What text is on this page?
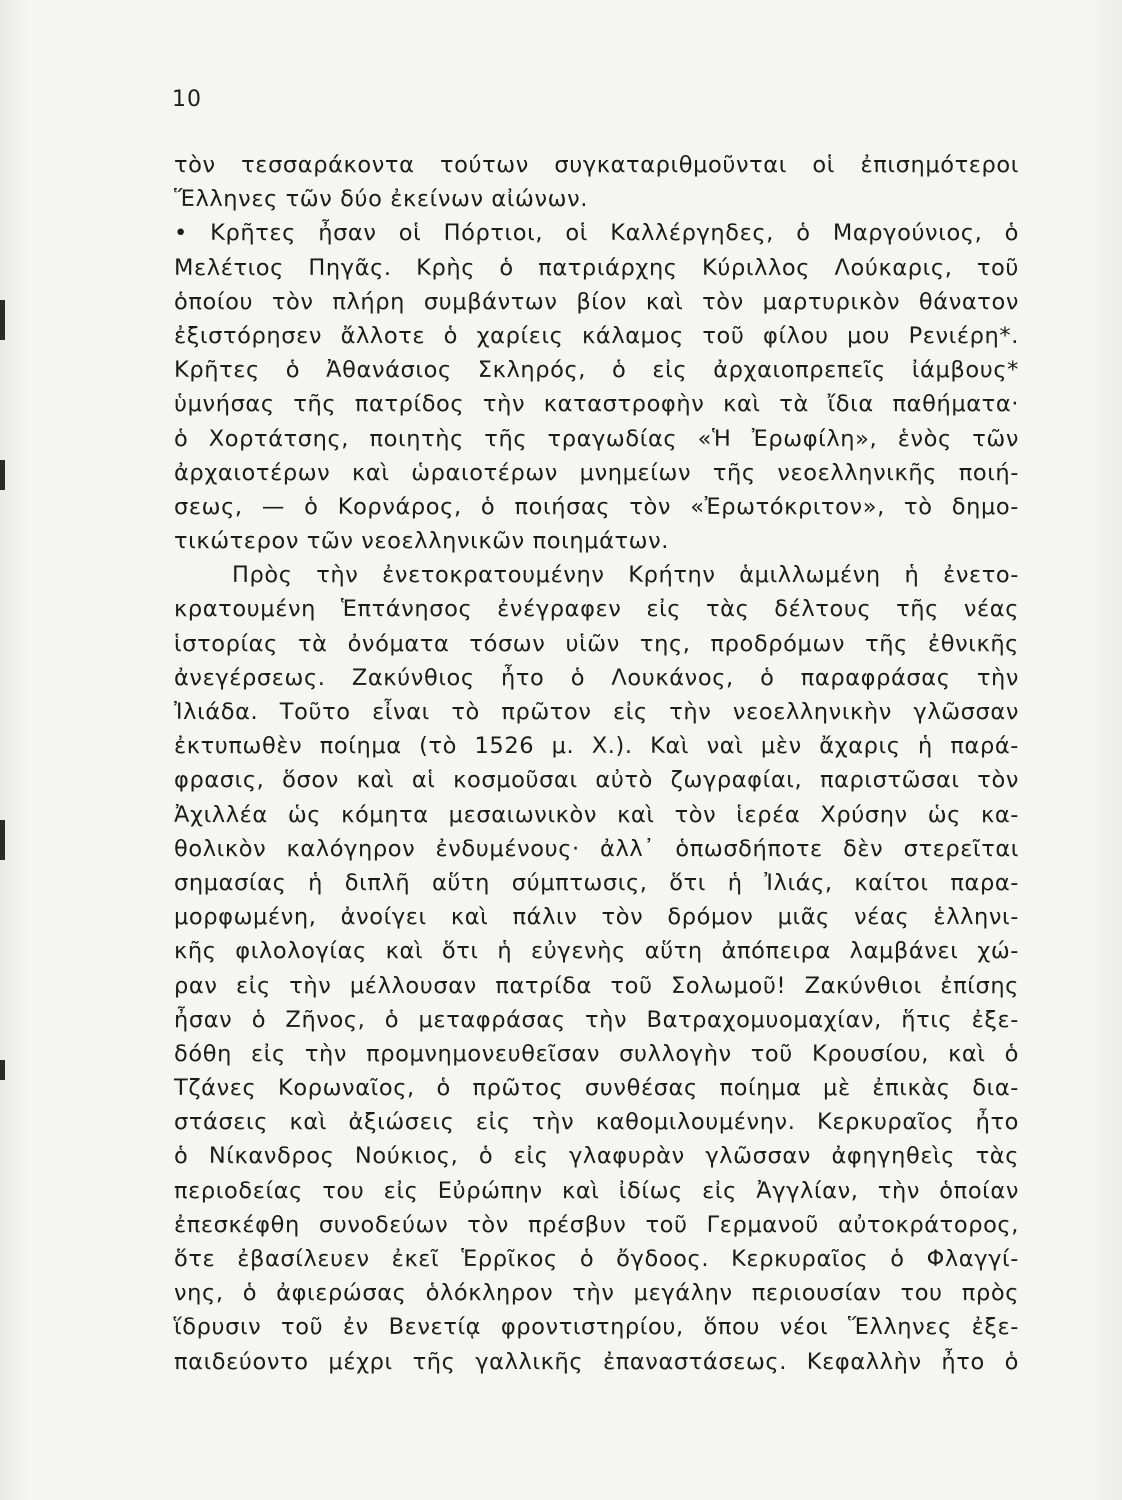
10
τὸν τεσσαράκοντα τούτων συγκαταριθμοῦνται οἱ ἐπισημότεροι
Ἕλληνες τῶν δύο ἐκείνων αἰώνων.
• Κρῆτες ἦσαν οἱ Πόρτιοι, οἱ Καλλέργηδες, ὁ Μαργούνιος, ὁ
Μελέτιος Πηγᾶς. Κρὴς ὁ πατριάρχης Κύριλλος Λούκαρις, τοῦ
ὁποίου τὸν πλήρη συμβάντων βίον καὶ τὸν μαρτυρικὸν θάνατον
ἐξιστόρησεν ἄλλοτε ὁ χαρίεις κάλαμος τοῦ φίλου μου Ρενιέρη*.
Κρῆτες ὁ Ἀθανάσιος Σκληρός, ὁ εἰς ἀρχαιοπρεπεῖς ἰάμβους*
ὑμνήσας τῆς πατρίδος τὴν καταστροφὴν καὶ τὰ ἴδια παθήματα·
ὁ Χορτάτσης, ποιητὴς τῆς τραγωδίας «Ἡ Ἐρωφίλη», ἑνὸς τῶν
ἀρχαιοτέρων καὶ ὡραιοτέρων μνημείων τῆς νεοελληνικῆς ποιή-
σεως, — ὁ Κορνάρος, ὁ ποιήσας τὸν «Ἐρωτόκριτον», τὸ δημο-
τικώτερον τῶν νεοελληνικῶν ποιημάτων.
Πρὸς τὴν ἐνετοκρατουμένην Κρήτην ἁμιλλωμένη ἡ ἐνετο-
κρατουμένη Ἑπτάνησος ἐνέγραφεν εἰς τὰς δέλτους τῆς νέας
ἱστορίας τὰ ὀνόματα τόσων υἱῶν της, προδρόμων τῆς ἐθνικῆς
ἀνεγέρσεως. Ζακύνθιος ἦτο ὁ Λουκάνος, ὁ παραφράσας τὴν
Ἰλιάδα. Τοῦτο εἶναι τὸ πρῶτον εἰς τὴν νεοελληνικὴν γλῶσσαν
ἐκτυπωθὲν ποίημα (τὸ 1526 μ. Χ.). Καὶ ναὶ μὲν ἄχαρις ἡ παρά-
φρασις, ὅσον καὶ αἱ κοσμοῦσαι αὐτὸ ζωγραφίαι, παριστῶσαι τὸν
Ἀχιλλέα ὡς κόμητα μεσαιωνικὸν καὶ τὸν ἱερέα Χρύσην ὡς κα-
θολικὸν καλόγηρον ἐνδυμένους· ἀλλ᾿ ὁπωσδήποτε δὲν στερεῖται
σημασίας ἡ διπλῆ αὕτη σύμπτωσις, ὅτι ἡ Ἰλιάς, καίτοι παρα-
μορφωμένη, ἀνοίγει καὶ πάλιν τὸν δρόμον μιᾶς νέας ἑλληνι-
κῆς φιλολογίας καὶ ὅτι ἡ εὐγενὴς αὕτη ἀπόπειρα λαμβάνει χώ-
ραν εἰς τὴν μέλλουσαν πατρίδα τοῦ Σολωμοῦ! Ζακύνθιοι ἐπίσης
ἦσαν ὁ Ζῆνος, ὁ μεταφράσας τὴν Βατραχομυομαχίαν, ἥτις ἐξε-
δόθη εἰς τὴν προμνημονευθεῖσαν συλλογὴν τοῦ Κρουσίου, καὶ ὁ
Τζάνες Κορωναῖος, ὁ πρῶτος συνθέσας ποίημα μὲ ἐπικὰς δια-
στάσεις καὶ ἀξιώσεις εἰς τὴν καθομιλουμένην. Κερκυραῖος ἦτο
ὁ Νίκανδρος Νούκιος, ὁ εἰς γλαφυρὰν γλῶσσαν ἀφηγηθεὶς τὰς
περιοδείας του εἰς Εὐρώπην καὶ ἰδίως εἰς Ἀγγλίαν, τὴν ὁποίαν
ἐπεσκέφθη συνοδεύων τὸν πρέσβυν τοῦ Γερμανοῦ αὐτοκράτορος,
ὅτε ἐβασίλευεν ἐκεῖ Ἑρρῖκος ὁ ὄγδοος. Κερκυραῖος ὁ Φλαγγί-
νης, ὁ ἀφιερώσας ὁλόκληρον τὴν μεγάλην περιουσίαν του πρὸς
ἵδρυσιν τοῦ ἐν Βενετίᾳ φροντιστηρίου, ὅπου νέοι Ἕλληνες ἐξε-
παιδεύοντο μέχρι τῆς γαλλικῆς ἐπαναστάσεως. Κεφαλλὴν ἦτο ὁ
